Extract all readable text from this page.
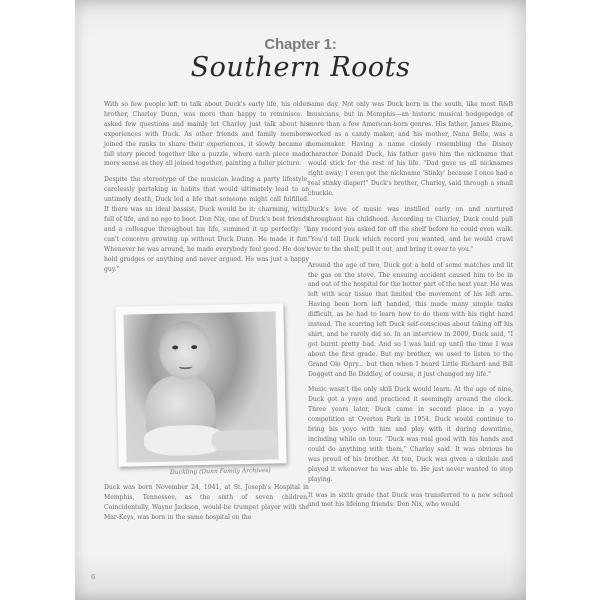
Chapter 1:
Southern Roots

With so few people left to talk about Duck's early life, his older brother, Charley Dunn, was more than happy to reminisce. I asked few questions and mainly let Charley just talk about his experiences with Duck. As other friends and family members joined the ranks to share their experiences, it slowly became a full story pieced together like a puzzle, where each piece made more sense as they all joined together, painting a fuller picture.

Despite the stereotype of the musician leading a party lifestyle, carelessly partaking in habits that would ultimately lead to an untimely death, Duck led a life that someone might call fulfilled. If there was an ideal bassist, Duck would be it: charming, witty, full of life, and no ego to boot. Don Nix, one of Duck's best friends and a colleague throughout his life, summed it up perfectly: "I can't conceive growing up without Duck Dunn. He made it fun. Whenever he was around, he made everybody feel good. He don't hold grudges or anything and never argued. He was just a happy guy."

Duckling (Dunn Family Archives)

Duck was born November 24, 1941, at St. Joseph's Hospital in Memphis, Tennessee, as the sixth of seven children. Coincidentally, Wayne Jackson, would-be trumpet player with the Mar-Keys, was born in the same hospital on the

same day. Not only was Duck born in the south, like most R&B musicians, but in Memphis—an historic musical hodgepodge of more than a few American-born genres. His father, James Blaine, worked as a candy maker, and his mother, Nana Belle, was a homemaker. Having a name closely resembling the Disney character Donald Duck, his father gave him the nickname that would stick for the rest of his life. "Dad gave us all nicknames right away; I even got the nickname 'Stinky' because I once had a real stinky diaper!" Duck's brother, Charley, said through a small chuckle.

Duck's love of music was instilled early on and nurtured throughout his childhood. According to Charley, Duck could pull any record you asked for off the shelf before he could even walk. "You'd tell Duck which record you wanted, and he would crawl over to the shelf, pull it out, and bring it over to you."

Around the age of two, Duck got a hold of some matches and lit the gas on the stove. The ensuing accident caused him to be in and out of the hospital for the better part of the next year. He was left with scar tissue that limited the movement of his left arm. Having been born left handed, this made many simple tasks difficult, as he had to learn how to do them with his right hand instead. The scarring left Duck self-conscious about taking off his shirt, and he rarely did so. In an interview in 2009, Duck said, "I got burnt pretty bad. And so I was laid up until the time I was about the first grade. But my brother, we used to listen to the Grand Ole Opry... but then when I heard Little Richard and Bill Doggett and Bo Diddley, of course, it just changed my life."

Music wasn't the only skill Duck would learn. At the age of nine, Duck got a yoyo and practiced it seemingly around the clock. Three years later, Duck came in second place in a yoyo competition at Overton Park in 1954. Duck would continue to bring his yoyo with him and play with it during downtime, including while on tour. "Duck was real good with his hands and could do anything with them," Charley said. It was obvious he was proud of his brother. At ten, Duck was given a ukulele and played it whenever he was able to. He just never wanted to stop playing.

It was in sixth grade that Duck was transferred to a new school and met his lifelong friends: Don Nix, who would

6
